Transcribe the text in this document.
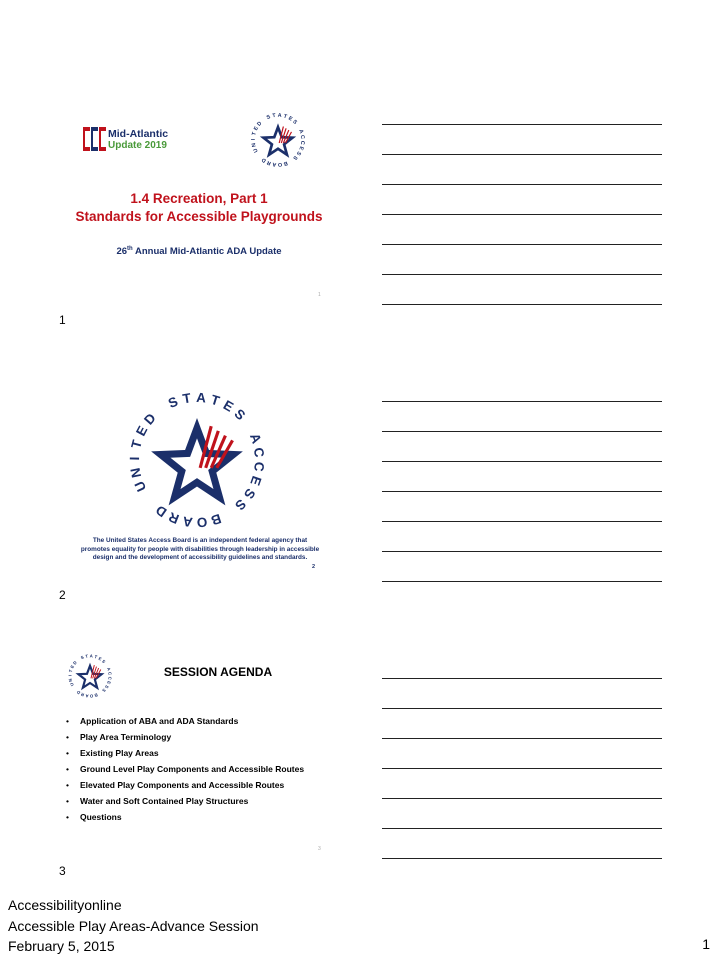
Mid-Atlantic
Update 2019	U
N
I
T
E
D
S T A T E
S
A
C
C
E
S
S
B
O
A
R
D
1.4 Recreation, Part 1
Standards for Accessible Playgrounds
26th Annual Mid-Atlantic ADA Update
1
1
U
N
I
T
E
D
S T A T E
S
A
C
C
E
S
S
B
O
A
R
D
The United States Access Board is an independent federal agency that promotes equality for people with disabilities through leadership in accessible design and the development of accessibility guidelines and standards.
2
2
U
N
I
T
E
D
S T A T E
S
A
C
C
E
S
S
B
O
A
R
D
SESSION AGENDA
• Application of ABA and ADA Standards
• Play Area Terminology
• Existing Play Areas
• Ground Level Play Components and Accessible Routes
• Elevated Play Components and Accessible Routes
• Water and Soft Contained Play Structures
• Questions
3
3
Accessibilityonline
Accessible Play Areas-Advance Session
February 5, 2015	1
